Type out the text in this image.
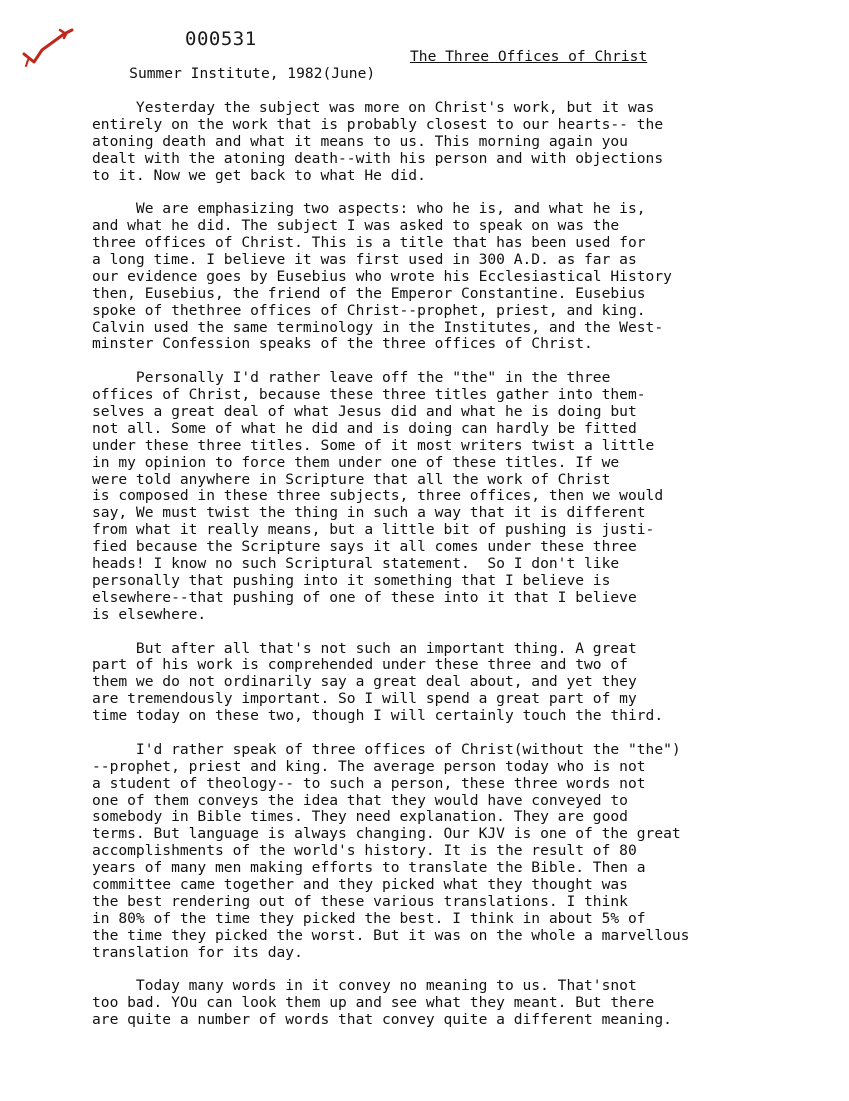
000531

Summer Institute, 1982(June)

The Three Offices of Christ

Yesterday the subject was more on Christ's work, but it was
entirely on the work that is probably closest to our hearts-- the
atoning death and what it means to us. This morning again you
dealt with the atoning death--with his person and with objections
to it. Now we get back to what He did.
We are emphasizing two aspects: who he is, and what he is,
and what he did. The subject I was asked to speak on was the
three offices of Christ. This is a title that has been used for
a long time. I believe it was first used in 300 A.D. as far as
our evidence goes by Eusebius who wrote his Ecclesiastical History
then, Eusebius, the friend of the Emperor Constantine. Eusebius
spoke of thethree offices of Christ--prophet, priest, and king.
Calvin used the same terminology in the Institutes, and the West-
minster Confession speaks of the three offices of Christ.
Personally I'd rather leave off the "the" in the three
offices of Christ, because these three titles gather into them-
selves a great deal of what Jesus did and what he is doing but
not all. Some of what he did and is doing can hardly be fitted
under these three titles. Some of it most writers twist a little
in my opinion to force them under one of these titles. If we
were told anywhere in Scripture that all the work of Christ
is composed in these three subjects, three offices, then we would
say, We must twist the thing in such a way that it is different
from what it really means, but a little bit of pushing is justi-
fied because the Scripture says it all comes under these three
heads! I know no such Scriptural statement.  So I don't like
personally that pushing into it something that I believe is
elsewhere--that pushing of one of these into it that I believe
is elsewhere.
But after all that's not such an important thing. A great
part of his work is comprehended under these three and two of
them we do not ordinarily say a great deal about, and yet they
are tremendously important. So I will spend a great part of my
time today on these two, though I will certainly touch the third.
I'd rather speak of three offices of Christ(without the "the")
--prophet, priest and king. The average person today who is not
a student of theology-- to such a person, these three words not
one of them conveys the idea that they would have conveyed to
somebody in Bible times. They need explanation. They are good
terms. But language is always changing. Our KJV is one of the great
accomplishments of the world's history. It is the result of 80
years of many men making efforts to translate the Bible. Then a
committee came together and they picked what they thought was
the best rendering out of these various translations. I think
in 80% of the time they picked the best. I think in about 5% of
the time they picked the worst. But it was on the whole a marvellous
translation for its day.
Today many words in it convey no meaning to us. That'snot
too bad. YOu can look them up and see what they meant. But there
are quite a number of words that convey quite a different meaning.
